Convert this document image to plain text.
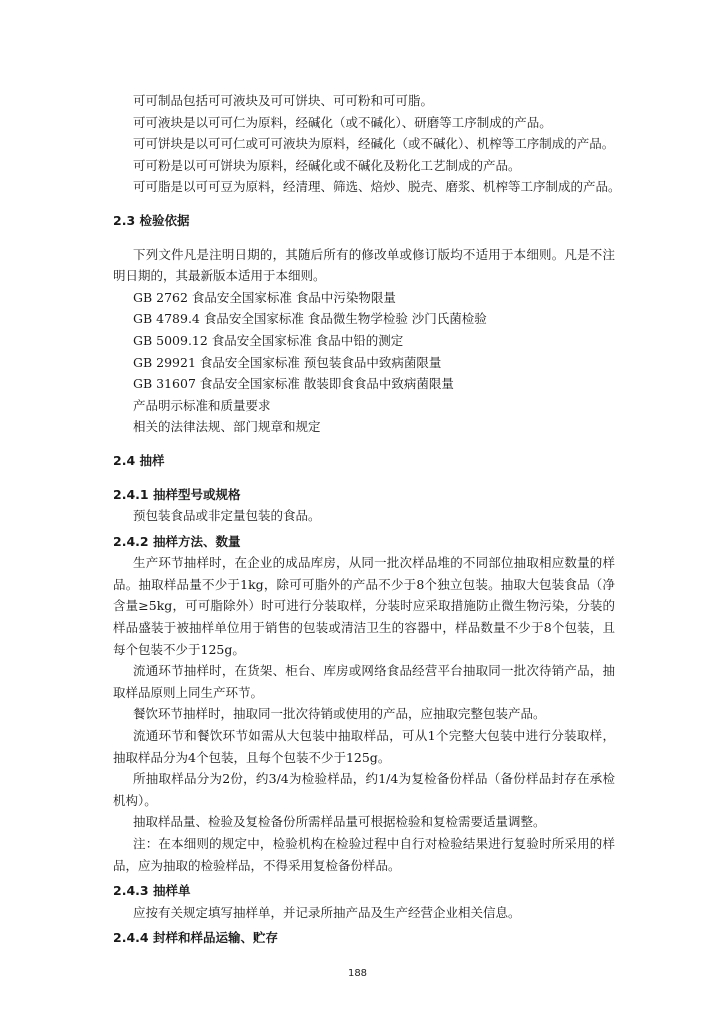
可可制品包括可可液块及可可饼块、可可粉和可可脂。

可可液块是以可可仁为原料，经碱化（或不碱化）、研磨等工序制成的产品。

可可饼块是以可可仁或可可液块为原料，经碱化（或不碱化）、机榨等工序制成的产品。

可可粉是以可可饼块为原料，经碱化或不碱化及粉化工艺制成的产品。

可可脂是以可可豆为原料，经清理、筛选、焙炒、脱壳、磨浆、机榨等工序制成的产品。

2.3 检验依据

下列文件凡是注明日期的，其随后所有的修改单或修订版均不适用于本细则。凡是不注明日期的，其最新版本适用于本细则。

GB 2762 食品安全国家标准 食品中污染物限量

GB 4789.4 食品安全国家标准 食品微生物学检验 沙门氏菌检验

GB 5009.12 食品安全国家标准 食品中铅的测定

GB 29921 食品安全国家标准 预包装食品中致病菌限量

GB 31607 食品安全国家标准 散装即食食品中致病菌限量

产品明示标准和质量要求

相关的法律法规、部门规章和规定

2.4 抽样
2.4.1 抽样型号或规格

预包装食品或非定量包装的食品。

2.4.2 抽样方法、数量

生产环节抽样时，在企业的成品库房，从同一批次样品堆的不同部位抽取相应数量的样品。抽取样品量不少于1kg，除可可脂外的产品不少于8个独立包装。抽取大包装食品（净含量≥5kg，可可脂除外）时可进行分装取样，分装时应采取措施防止微生物污染，分装的样品盛装于被抽样单位用于销售的包装或清洁卫生的容器中，样品数量不少于8个包装，且每个包装不少于125g。

流通环节抽样时，在货架、柜台、库房或网络食品经营平台抽取同一批次待销产品，抽取样品原则上同生产环节。

餐饮环节抽样时，抽取同一批次待销或使用的产品，应抽取完整包装产品。

流通环节和餐饮环节如需从大包装中抽取样品，可从1个完整大包装中进行分装取样，抽取样品分为4个包装，且每个包装不少于125g。

所抽取样品分为2份，约3/4为检验样品，约1/4为复检备份样品（备份样品封存在承检机构）。

抽取样品量、检验及复检备份所需样品量可根据检验和复检需要适量调整。

注：在本细则的规定中，检验机构在检验过程中自行对检验结果进行复验时所采用的样品，应为抽取的检验样品，不得采用复检备份样品。

2.4.3 抽样单

应按有关规定填写抽样单，并记录所抽产品及生产经营企业相关信息。

2.4.4 封样和样品运输、贮存
188
